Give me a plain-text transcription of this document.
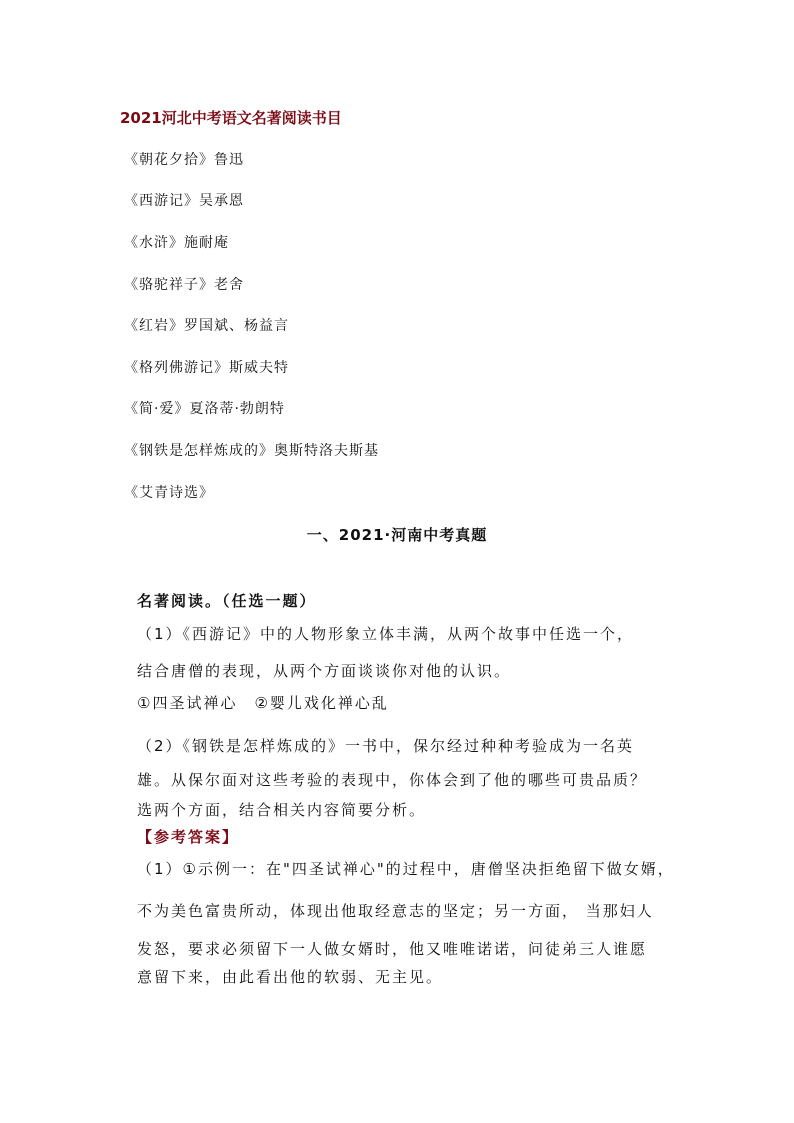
2021河北中考语文名著阅读书目
《朝花夕拾》鲁迅
《西游记》吴承恩
《水浒》施耐庵
《骆驼祥子》老舍
《红岩》罗国斌、杨益言
《格列佛游记》斯威夫特
《简·爱》夏洛蒂·勃朗特
《钢铁是怎样炼成的》奥斯特洛夫斯基
《艾青诗选》
一、2021·河南中考真题
名著阅读。（任选一题）
（1）《西游记》中的人物形象立体丰满，从两个故事中任选一个，
结合唐僧的表现，从两个方面谈谈你对他的认识。
①四圣试禅心　②婴儿戏化禅心乱
（2）《钢铁是怎样炼成的》一书中，保尔经过种种考验成为一名英
雄。从保尔面对这些考验的表现中，你体会到了他的哪些可贵品质？
选两个方面，结合相关内容简要分析。
【参考答案】
（1）①示例一：在"四圣试禅心"的过程中，唐僧坚决拒绝留下做女婿，
不为美色富贵所动，体现出他取经意志的坚定；另一方面， 当那妇人
发怒，要求必须留下一人做女婿时，他又唯唯诺诺，问徒弟三人谁愿
意留下来，由此看出他的软弱、无主见。
